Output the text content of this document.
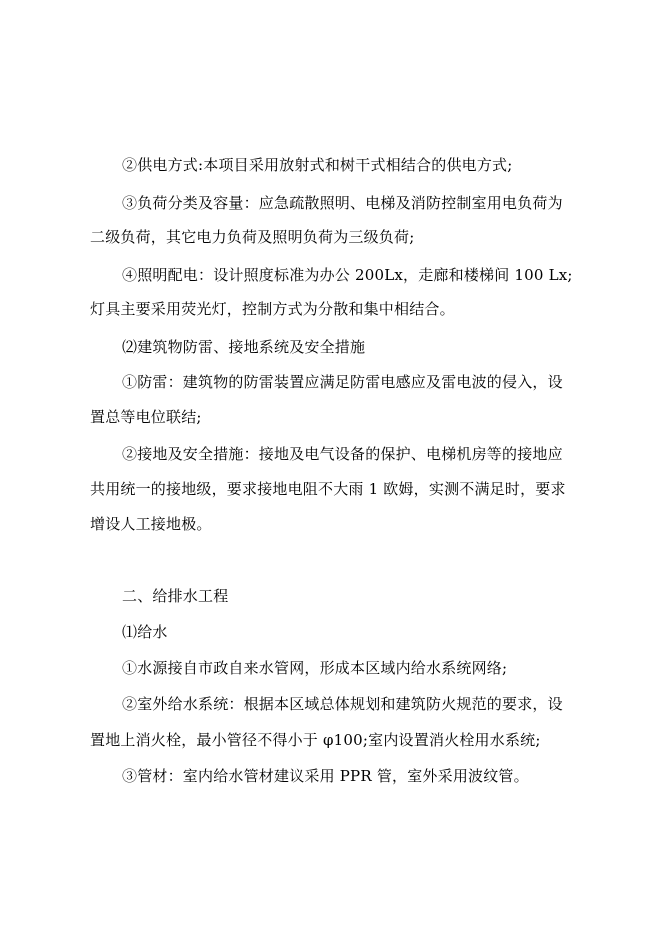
②供电方式:本项目采用放射式和树干式相结合的供电方式;
③负荷分类及容量：应急疏散照明、电梯及消防控制室用电负荷为
二级负荷，其它电力负荷及照明负荷为三级负荷;
④照明配电：设计照度标准为办公 200Lx，走廊和楼梯间 100 Lx;
灯具主要采用荧光灯，控制方式为分散和集中相结合。
⑵建筑物防雷、接地系统及安全措施
①防雷：建筑物的防雷装置应满足防雷电感应及雷电波的侵入，设
置总等电位联结;
②接地及安全措施：接地及电气设备的保护、电梯机房等的接地应
共用统一的接地级，要求接地电阻不大雨 1 欧姆，实测不满足时，要求
增设人工接地极。
二、给排水工程
⑴给水
①水源接自市政自来水管网，形成本区域内给水系统网络;
②室外给水系统：根据本区域总体规划和建筑防火规范的要求，设
置地上消火栓，最小管径不得小于 φ100;室内设置消火栓用水系统;
③管材：室内给水管材建议采用 PPR 管，室外采用波纹管。
